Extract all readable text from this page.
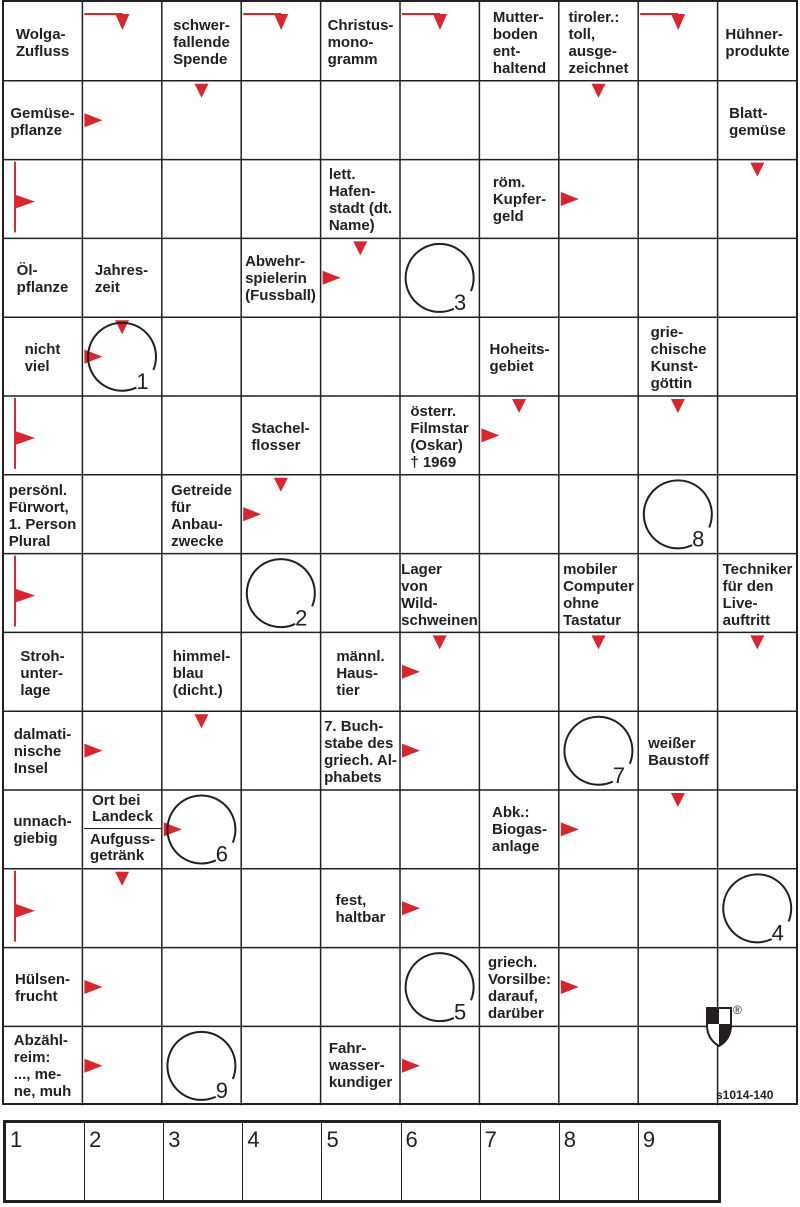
Wolga-
Zufluss
schwer-
fallende
Spende
Christus-
mono-
gramm
Mutter-
boden
ent-
haltend
tiroler.:
toll,
ausge-
zeichnet
Hühner-
produkte
Gemüse-
pflanze
Blatt-
gemüse
lett.
Hafen-
stadt (dt.
Name)
röm.
Kupfer-
geld
Öl-
pflanze
Jahres-
zeit
Abwehr-
spielerin
(Fussball)
nicht
viel
Hoheits-
gebiet
grie-
chische
Kunst-
göttin
Stachel-
flosser
österr.
Filmstar
(Oskar)
† 1969
persönl.
Fürwort,
1. Person
Plural
Getreide
für
Anbau-
zwecke
Lager
von
Wild-
schweinen
mobiler
Computer
ohne
Tastatur
Techniker
für den
Live-
auftritt
Stroh-
unter-
lage
himmel-
blau
(dicht.)
männl.
Haus-
tier
dalmati-
nische
Insel
7. Buch-
stabe des
griech. Al-
phabets
weißer
Baustoff
unnach-
giebig
Ort bei
Landeck
Aufguss-
getränk
Abk.:
Biogas-
anlage
fest,
haltbar
Hülsen-
frucht
griech.
Vorsilbe:
darauf,
darüber
Abzähl-
reim:
..., me-
ne, muh
Fahr-
wasser-
kundiger
1
2
3
4
5
6
7
8
9
®
s1014-140
1	2	3	4	5	6	7	8	9
